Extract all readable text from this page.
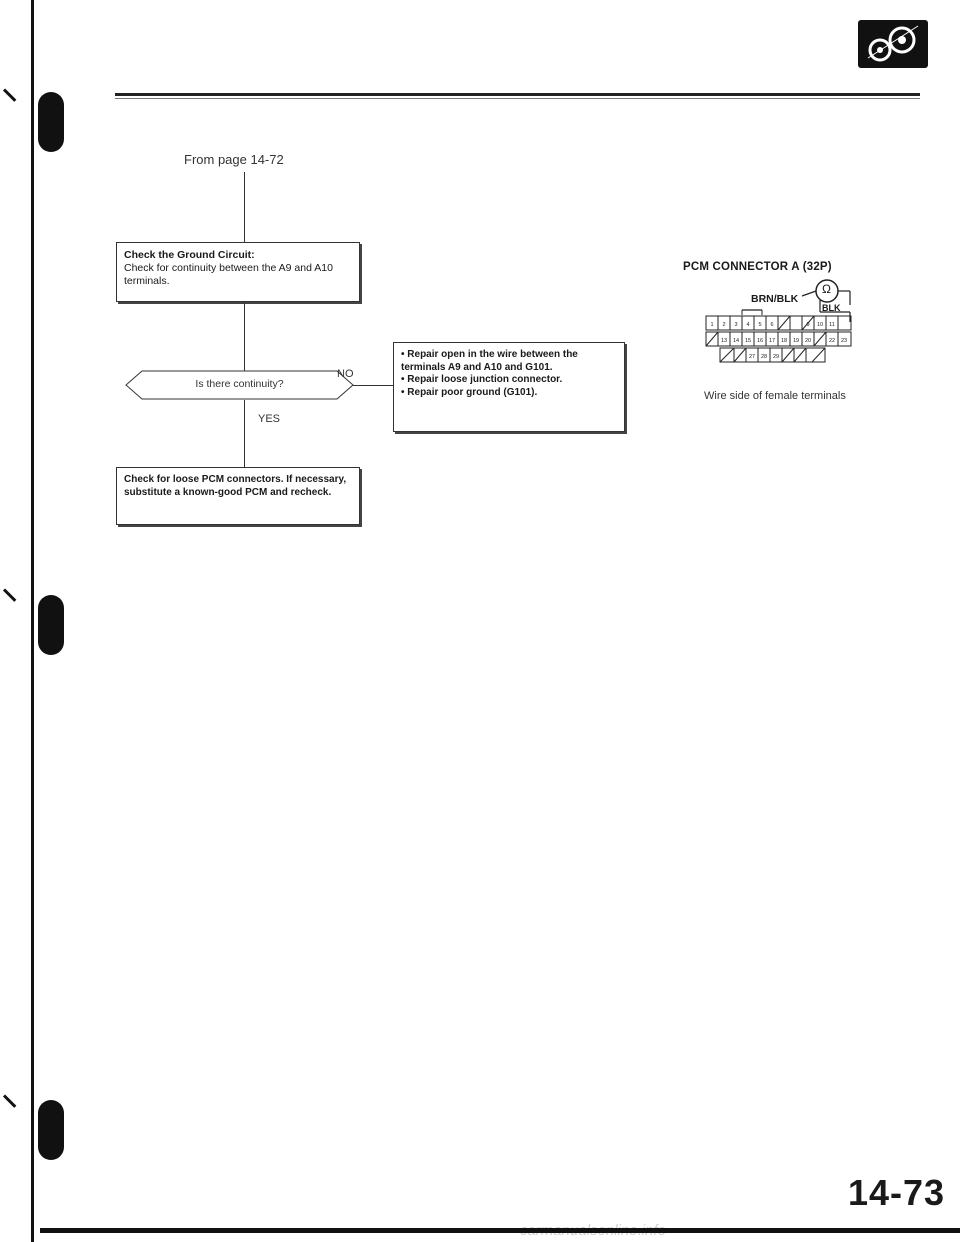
From page 14-72
Check the Ground Circuit:
Check for continuity between the A9 and A10 terminals.
Is there continuity?
NO
• Repair open in the wire between the terminals A9 and A10 and G101.
• Repair loose junction connector.
• Repair poor ground (G101).
YES
Check for loose PCM connectors. If necessary, substitute a known-good PCM and recheck.
PCM CONNECTOR A (32P)
BRN/BLK
1 2 3 4 5 6	9 10 11
13 14 15 16 17 18 19 20	22 23
27 28 29
BLK
Ω
Wire side of female terminals
14-73
